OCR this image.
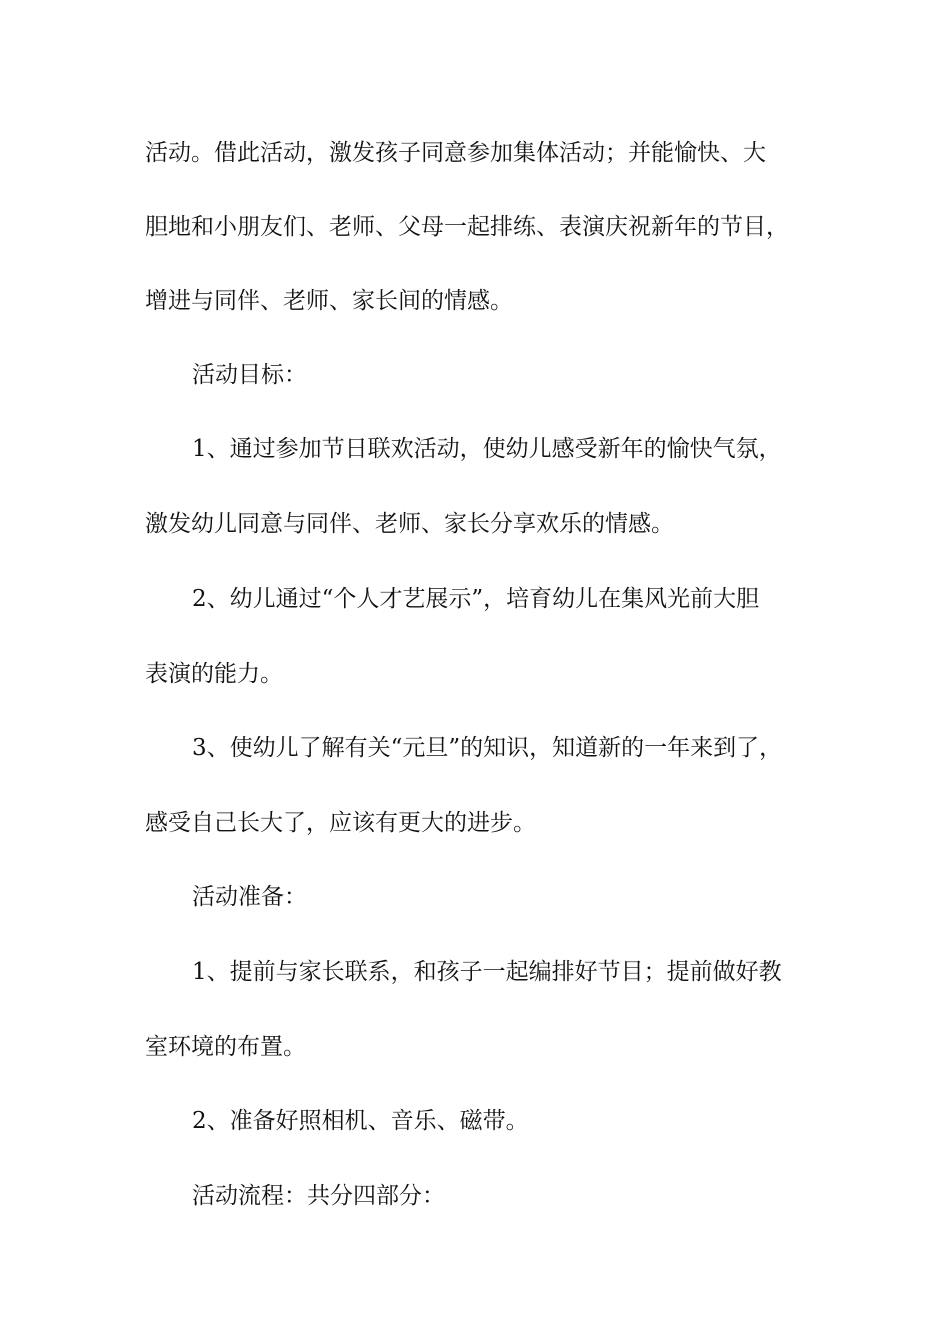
活动。借此活动，激发孩子同意参加集体活动；并能愉快、大

胆地和小朋友们、老师、父母一起排练、表演庆祝新年的节目，

增进与同伴、老师、家长间的情感。

活动目标：

1、通过参加节日联欢活动，使幼儿感受新年的愉快气氛，

激发幼儿同意与同伴、老师、家长分享欢乐的情感。

2、幼儿通过“个人才艺展示”，培育幼儿在集风光前大胆

表演的能力。

3、使幼儿了解有关“元旦”的知识，知道新的一年来到了，

感受自己长大了，应该有更大的进步。

活动准备：

1、提前与家长联系，和孩子一起编排好节目；提前做好教

室环境的布置。

2、准备好照相机、音乐、磁带。

活动流程：共分四部分：
